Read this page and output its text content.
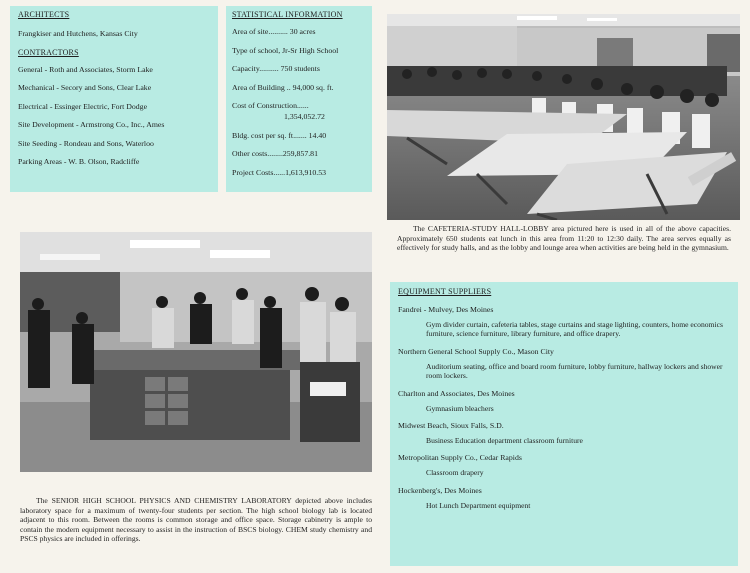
ARCHITECTS
Frangkiser and Hutchens, Kansas City
CONTRACTORS
General - Roth and Associates, Storm Lake
Mechanical - Secory and Sons, Clear Lake
Electrical - Essinger Electric, Fort Dodge
Site Development - Armstrong Co., Inc., Ames
Site Seeding - Rondeau and Sons, Waterloo
Parking Areas - W. B. Olson, Radcliffe
STATISTICAL INFORMATION
Area of site.......... 30 acres
Type of school, Jr-Sr High School
Capacity.......... 750 students
Area of Building .. 94,000 sq. ft.
Cost of Construction......
1,354,052.72
Bldg. cost per sq. ft....... 14.40
Other costs........259,857.81
Project Costs......1,613,910.53
The CAFETERIA-STUDY HALL-LOBBY area pictured here is used in all of the above capacities. Approximately 650 students eat lunch in this area from 11:20 to 12:30 daily. The area serves equally as effectively for study halls, and as the lobby and lounge area when activities are being held in the gymnasium.
The SENIOR HIGH SCHOOL PHYSICS AND CHEMISTRY LABORATORY depicted above includes laboratory space for a maximum of twenty-four students per section. The high school biology lab is located adjacent to this room. Between the rooms is common storage and office space. Storage cabinetry is ample to contain the modern equipment necessary to assist in the instruction of BSCS biology. CHEM study chemistry and PSCS physics are included in offerings.
EQUIPMENT SUPPLIERS
Fandrei - Mulvey, Des Moines
Gym divider curtain, cafeteria tables, stage curtains and stage lighting, counters, home economics furniture, science furniture, library furniture, and office drapery.
Northern General School Supply Co., Mason City
Auditorium seating, office and board room furniture, lobby furniture, hallway lockers and shower room lockers.
Charlton and Associates, Des Moines
Gymnasium bleachers
Midwest Beach, Sioux Falls, S.D.
Business Education department classroom furniture
Metropolitan Supply Co., Cedar Rapids
Classroom drapery
Hockenberg's, Des Moines
Hot Lunch Department equipment
